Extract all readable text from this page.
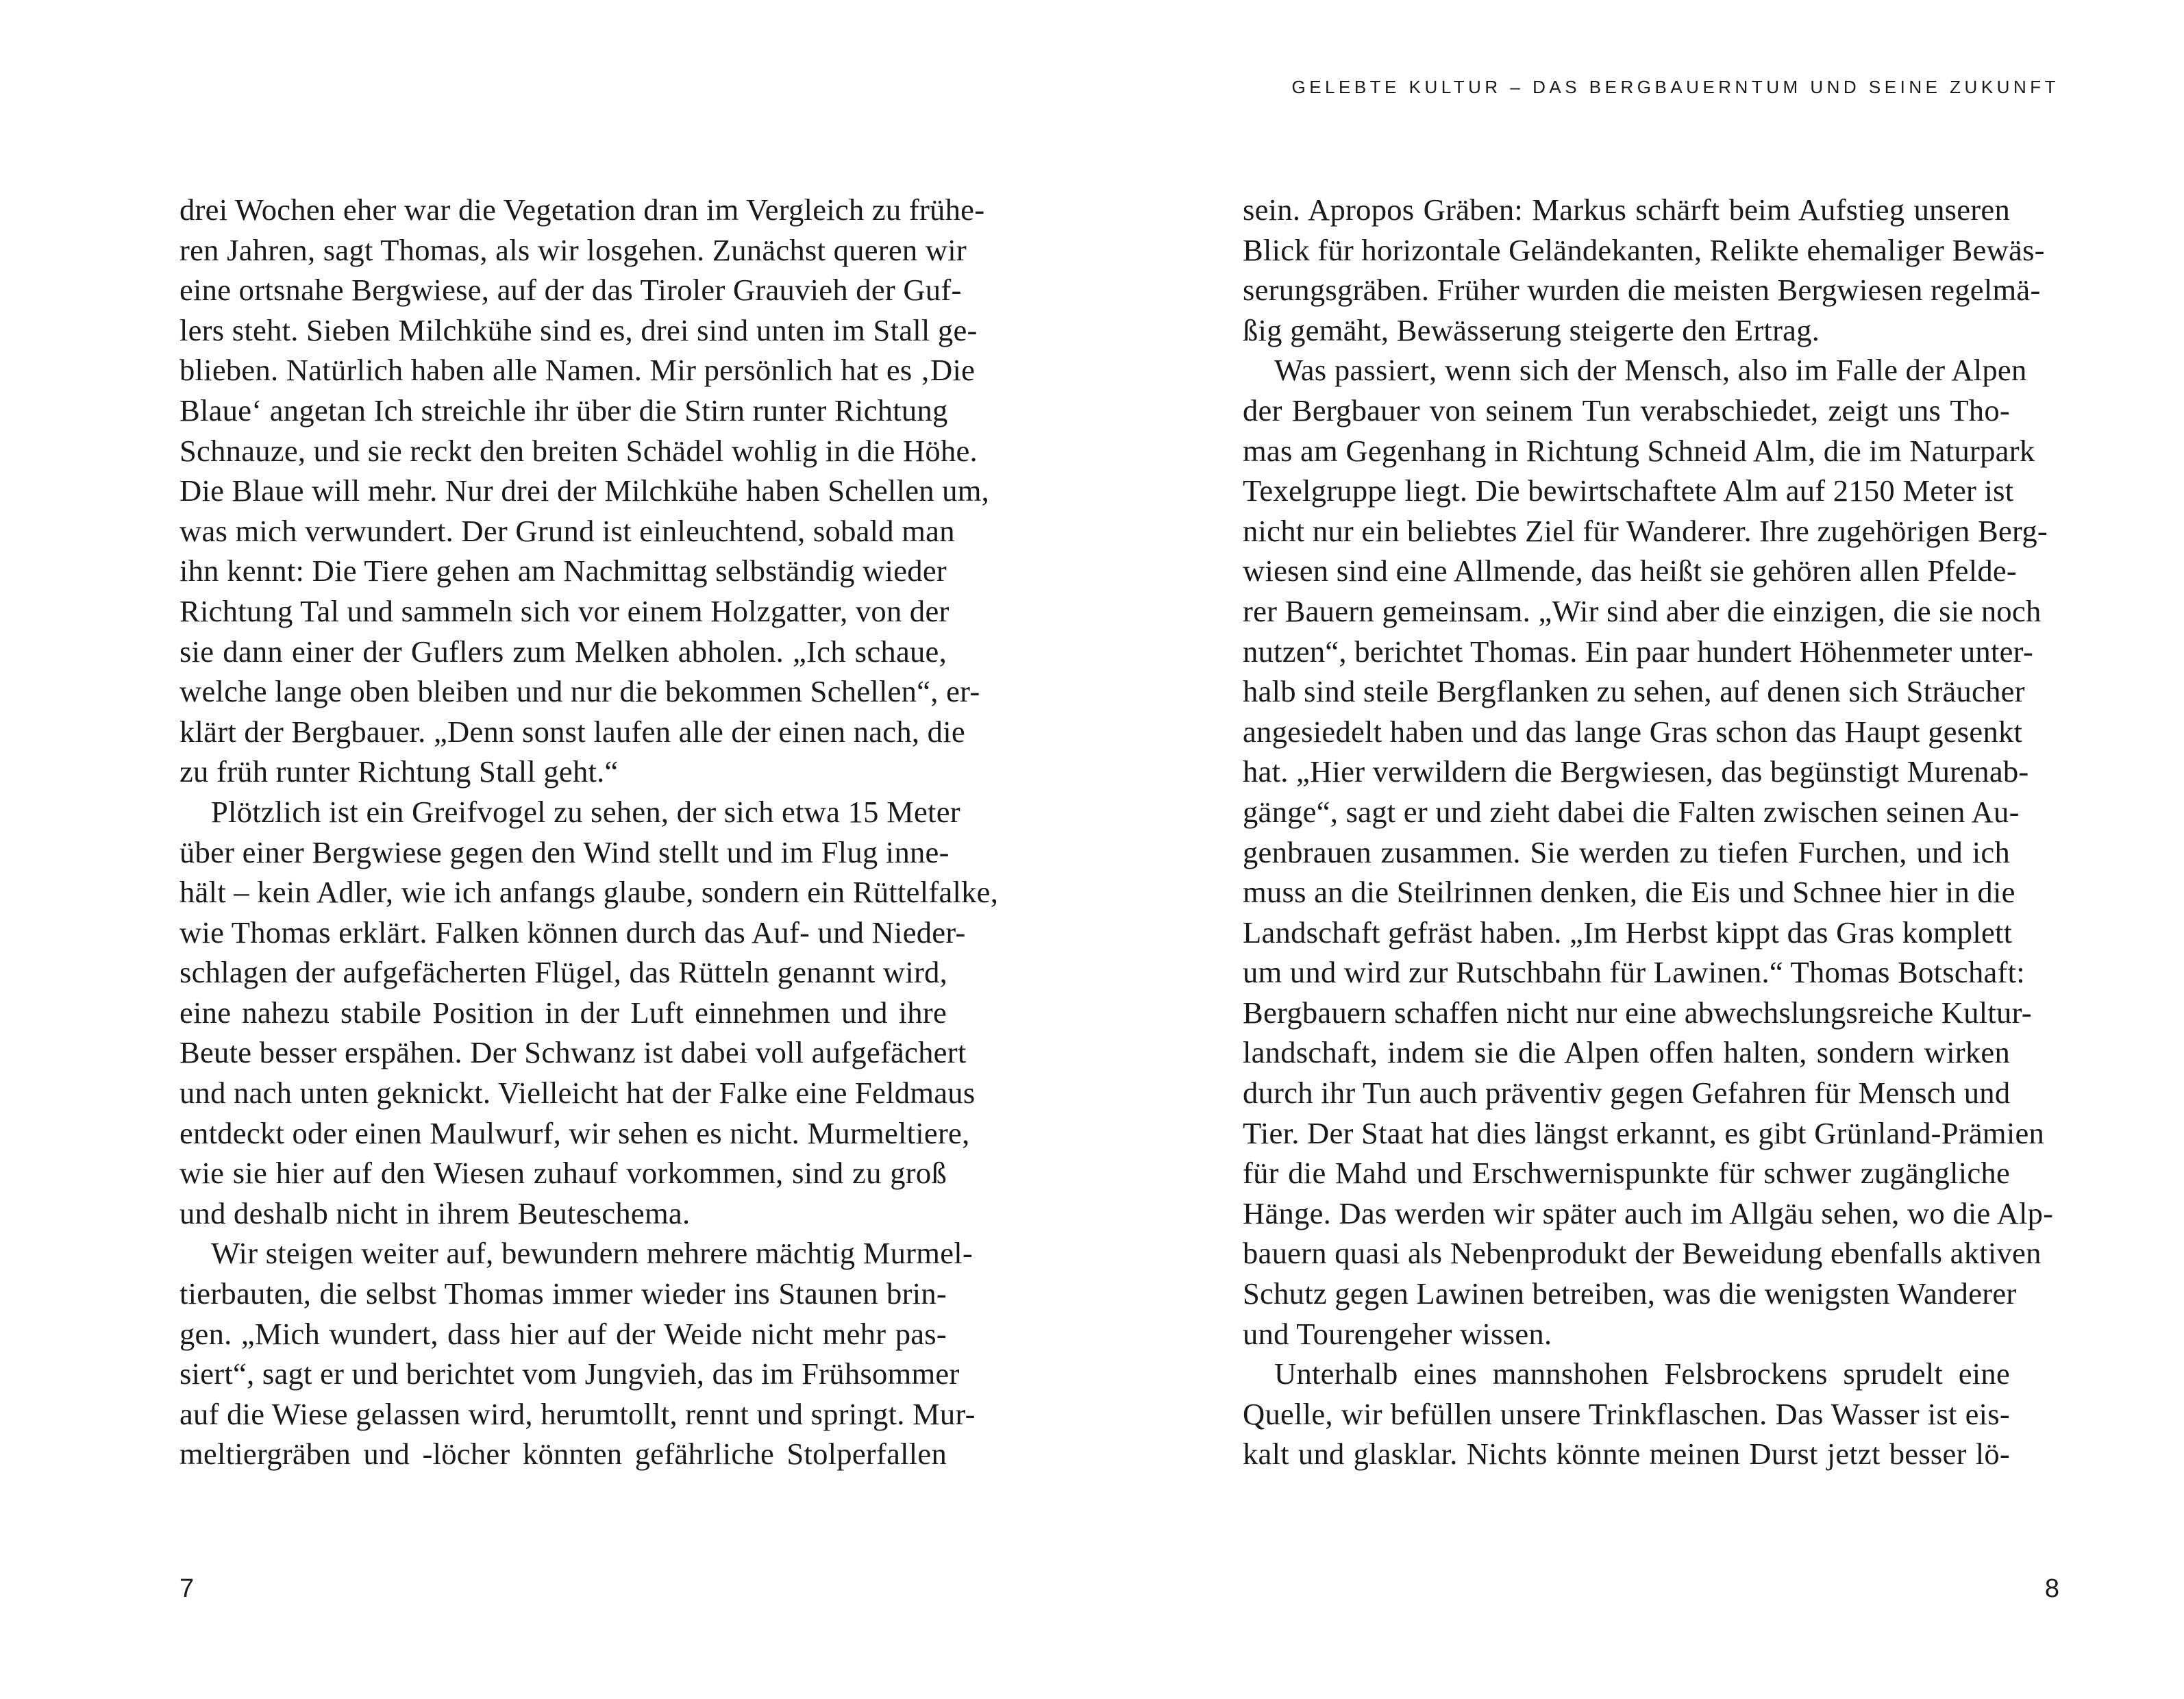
drei Wochen eher war die Vegetation dran im Vergleich zu frühe-
ren Jahren, sagt Thomas, als wir losgehen. Zunächst queren wir
eine ortsnahe Bergwiese, auf der das Tiroler Grauvieh der Guf-
lers steht. Sieben Milchkühe sind es, drei sind unten im Stall ge-
blieben. Natürlich haben alle Namen. Mir persönlich hat es ‚Die
Blaue‘ angetan Ich streichle ihr über die Stirn runter Richtung
Schnauze, und sie reckt den breiten Schädel wohlig in die Höhe.
Die Blaue will mehr. Nur drei der Milchkühe haben Schellen um,
was mich verwundert. Der Grund ist einleuchtend, sobald man
ihn kennt: Die Tiere gehen am Nachmittag selbständig wieder
Richtung Tal und sammeln sich vor einem Holzgatter, von der
sie dann einer der Guflers zum Melken abholen. „Ich schaue,
welche lange oben bleiben und nur die bekommen Schellen“, er-
klärt der Bergbauer. „Denn sonst laufen alle der einen nach, die
zu früh runter Richtung Stall geht.“
Plötzlich ist ein Greifvogel zu sehen, der sich etwa 15 Meter
über einer Bergwiese gegen den Wind stellt und im Flug inne-
hält – kein Adler, wie ich anfangs glaube, sondern ein Rüttelfalke,
wie Thomas erklärt. Falken können durch das Auf- und Nieder-
schlagen der aufgefächerten Flügel, das Rütteln genannt wird,
eine nahezu stabile Position in der Luft einnehmen und ihre
Beute besser erspähen. Der Schwanz ist dabei voll aufgefächert
und nach unten geknickt. Vielleicht hat der Falke eine Feldmaus
entdeckt oder einen Maulwurf, wir sehen es nicht. Murmeltiere,
wie sie hier auf den Wiesen zuhauf vorkommen, sind zu groß
und deshalb nicht in ihrem Beuteschema.
Wir steigen weiter auf, bewundern mehrere mächtig Murmel-
tierbauten, die selbst Thomas immer wieder ins Staunen brin-
gen. „Mich wundert, dass hier auf der Weide nicht mehr pas-
siert“, sagt er und berichtet vom Jungvieh, das im Frühsommer
auf die Wiese gelassen wird, herumtollt, rennt und springt. Mur-
meltiergräben und -löcher könnten gefährliche Stolperfallen
7
GELEBTE KULTUR – DAS BERGBAUERNTUM UND SEINE ZUKUNFT
sein. Apropos Gräben: Markus schärft beim Aufstieg unseren
Blick für horizontale Geländekanten, Relikte ehemaliger Bewäs-
serungsgräben. Früher wurden die meisten Bergwiesen regelmä-
ßig gemäht, Bewässerung steigerte den Ertrag.
Was passiert, wenn sich der Mensch, also im Falle der Alpen
der Bergbauer von seinem Tun verabschiedet, zeigt uns Tho-
mas am Gegenhang in Richtung Schneid Alm, die im Naturpark
Texelgruppe liegt. Die bewirtschaftete Alm auf 2150 Meter ist
nicht nur ein beliebtes Ziel für Wanderer. Ihre zugehörigen Berg-
wiesen sind eine Allmende, das heißt sie gehören allen Pfelde-
rer Bauern gemeinsam. „Wir sind aber die einzigen, die sie noch
nutzen“, berichtet Thomas. Ein paar hundert Höhenmeter unter-
halb sind steile Bergflanken zu sehen, auf denen sich Sträucher
angesiedelt haben und das lange Gras schon das Haupt gesenkt
hat. „Hier verwildern die Bergwiesen, das begünstigt Murenab-
gänge“, sagt er und zieht dabei die Falten zwischen seinen Au-
genbrauen zusammen. Sie werden zu tiefen Furchen, und ich
muss an die Steilrinnen denken, die Eis und Schnee hier in die
Landschaft gefräst haben. „Im Herbst kippt das Gras komplett
um und wird zur Rutschbahn für Lawinen.“ Thomas Botschaft:
Bergbauern schaffen nicht nur eine abwechslungsreiche Kultur-
landschaft, indem sie die Alpen offen halten, sondern wirken
durch ihr Tun auch präventiv gegen Gefahren für Mensch und
Tier. Der Staat hat dies längst erkannt, es gibt Grünland-Prämien
für die Mahd und Erschwernispunkte für schwer zugängliche
Hänge. Das werden wir später auch im Allgäu sehen, wo die Alp-
bauern quasi als Nebenprodukt der Beweidung ebenfalls aktiven
Schutz gegen Lawinen betreiben, was die wenigsten Wanderer
und Tourengeher wissen.
Unterhalb eines mannshohen Felsbrockens sprudelt eine
Quelle, wir befüllen unsere Trinkflaschen. Das Wasser ist eis-
kalt und glasklar. Nichts könnte meinen Durst jetzt besser lö-
8
